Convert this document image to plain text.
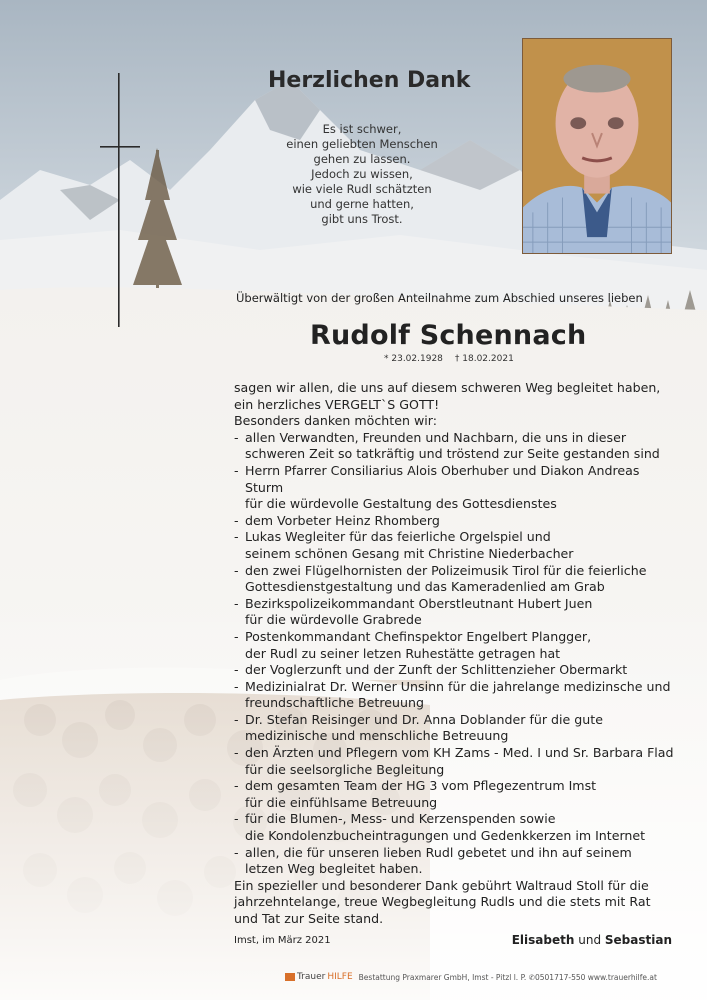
Herzlichen Dank
Es ist schwer,
einen geliebten Menschen
gehen zu lassen.
Jedoch zu wissen,
wie viele Rudl schätzten
und gerne hatten,
gibt uns Trost.
Überwältigt von der großen Anteilnahme zum Abschied unseres lieben
Rudolf Schennach
* 23.02.1928 † 18.02.2021

sagen wir allen, die uns auf diesem schweren Weg begleitet haben, ein herzliches VERGELT`S GOTT!

Besonders danken möchten wir:

- allen Verwandten, Freunden und Nachbarn, die uns in dieser
schweren Zeit so tatkräftig und tröstend zur Seite gestanden sind
- Herrn Pfarrer Consiliarius Alois Oberhuber und Diakon Andreas Sturm
für die würdevolle Gestaltung des Gottesdienstes
- dem Vorbeter Heinz Rhomberg
- Lukas Wegleiter für das feierliche Orgelspiel und
seinem schönen Gesang mit Christine Niederbacher
- den zwei Flügelhornisten der Polizeimusik Tirol für die feierliche
Gottesdienstgestaltung und das Kameradenlied am Grab
- Bezirkspolizeikommandant Oberstleutnant Hubert Juen
für die würdevolle Grabrede
- Postenkommandant Chefinspektor Engelbert Plangger,
der Rudl zu seiner letzen Ruhestätte getragen hat
- der Voglerzunft und der Zunft der Schlittenzieher Obermarkt
- Medizinialrat Dr. Werner Unsinn für die jahrelange medizinsche und
freundschaftliche Betreuung
- Dr. Stefan Reisinger und Dr. Anna Doblander für die gute
medizinische und menschliche Betreuung
- den Ärzten und Pflegern vom KH Zams - Med. I und Sr. Barbara Flad
für die seelsorgliche Begleitung
- dem gesamten Team der HG 3 vom Pflegezentrum Imst
für die einfühlsame Betreuung
- für die Blumen-, Mess- und Kerzenspenden sowie
die Kondolenzbucheintragungen und Gedenkkerzen im Internet
- allen, die für unseren lieben Rudl gebetet und ihn auf seinem
letzen Weg begleitet haben.

Ein spezieller und besonderer Dank gebührt Waltraud Stoll für die jahrzehntelange, treue Wegbegleitung Rudls und die stets mit Rat und Tat zur Seite stand.

Imst, im März 2021	Elisabeth und Sebastian
Trauer HILFE Bestattung Praxmarer GmbH, Imst - Pitzl l. P. ✆0501717-550 www.trauerhilfe.at
